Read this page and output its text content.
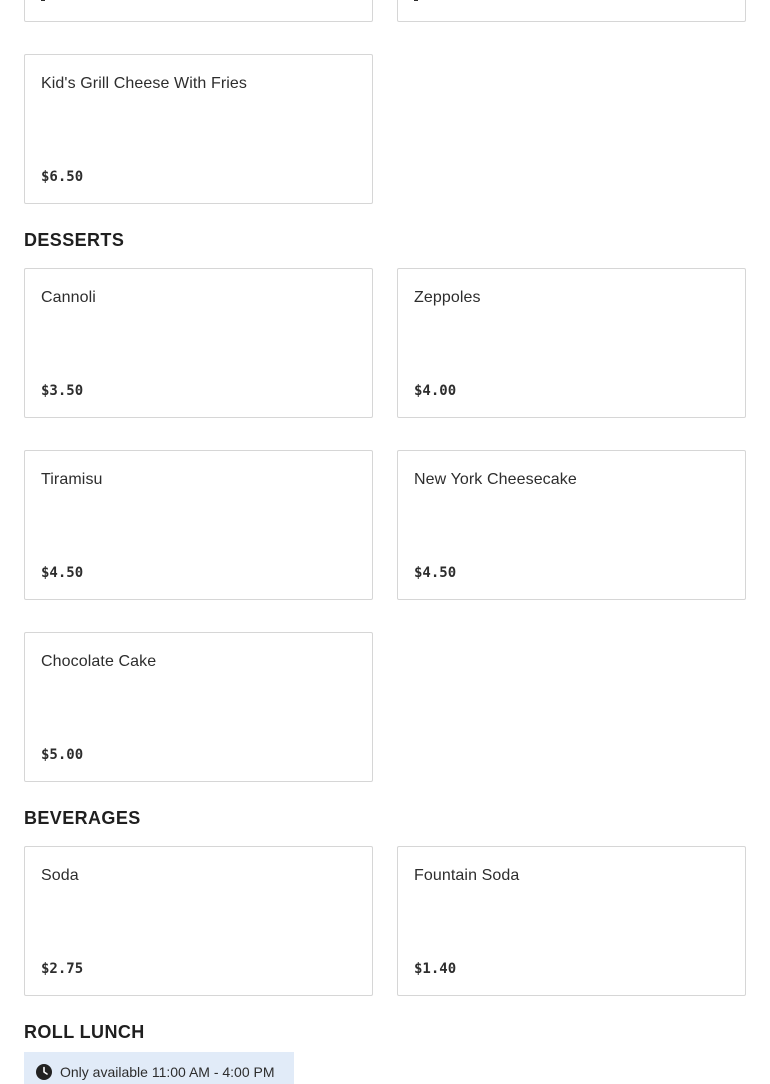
Kid's Grill Cheese With Fries
$6.50
DESSERTS
Cannoli
$3.50
Zeppoles
$4.00
Tiramisu
$4.50
New York Cheesecake
$4.50
Chocolate Cake
$5.00
BEVERAGES
Soda
$2.75
Fountain Soda
$1.40
ROLL LUNCH
Only available 11:00 AM - 4:00 PM
